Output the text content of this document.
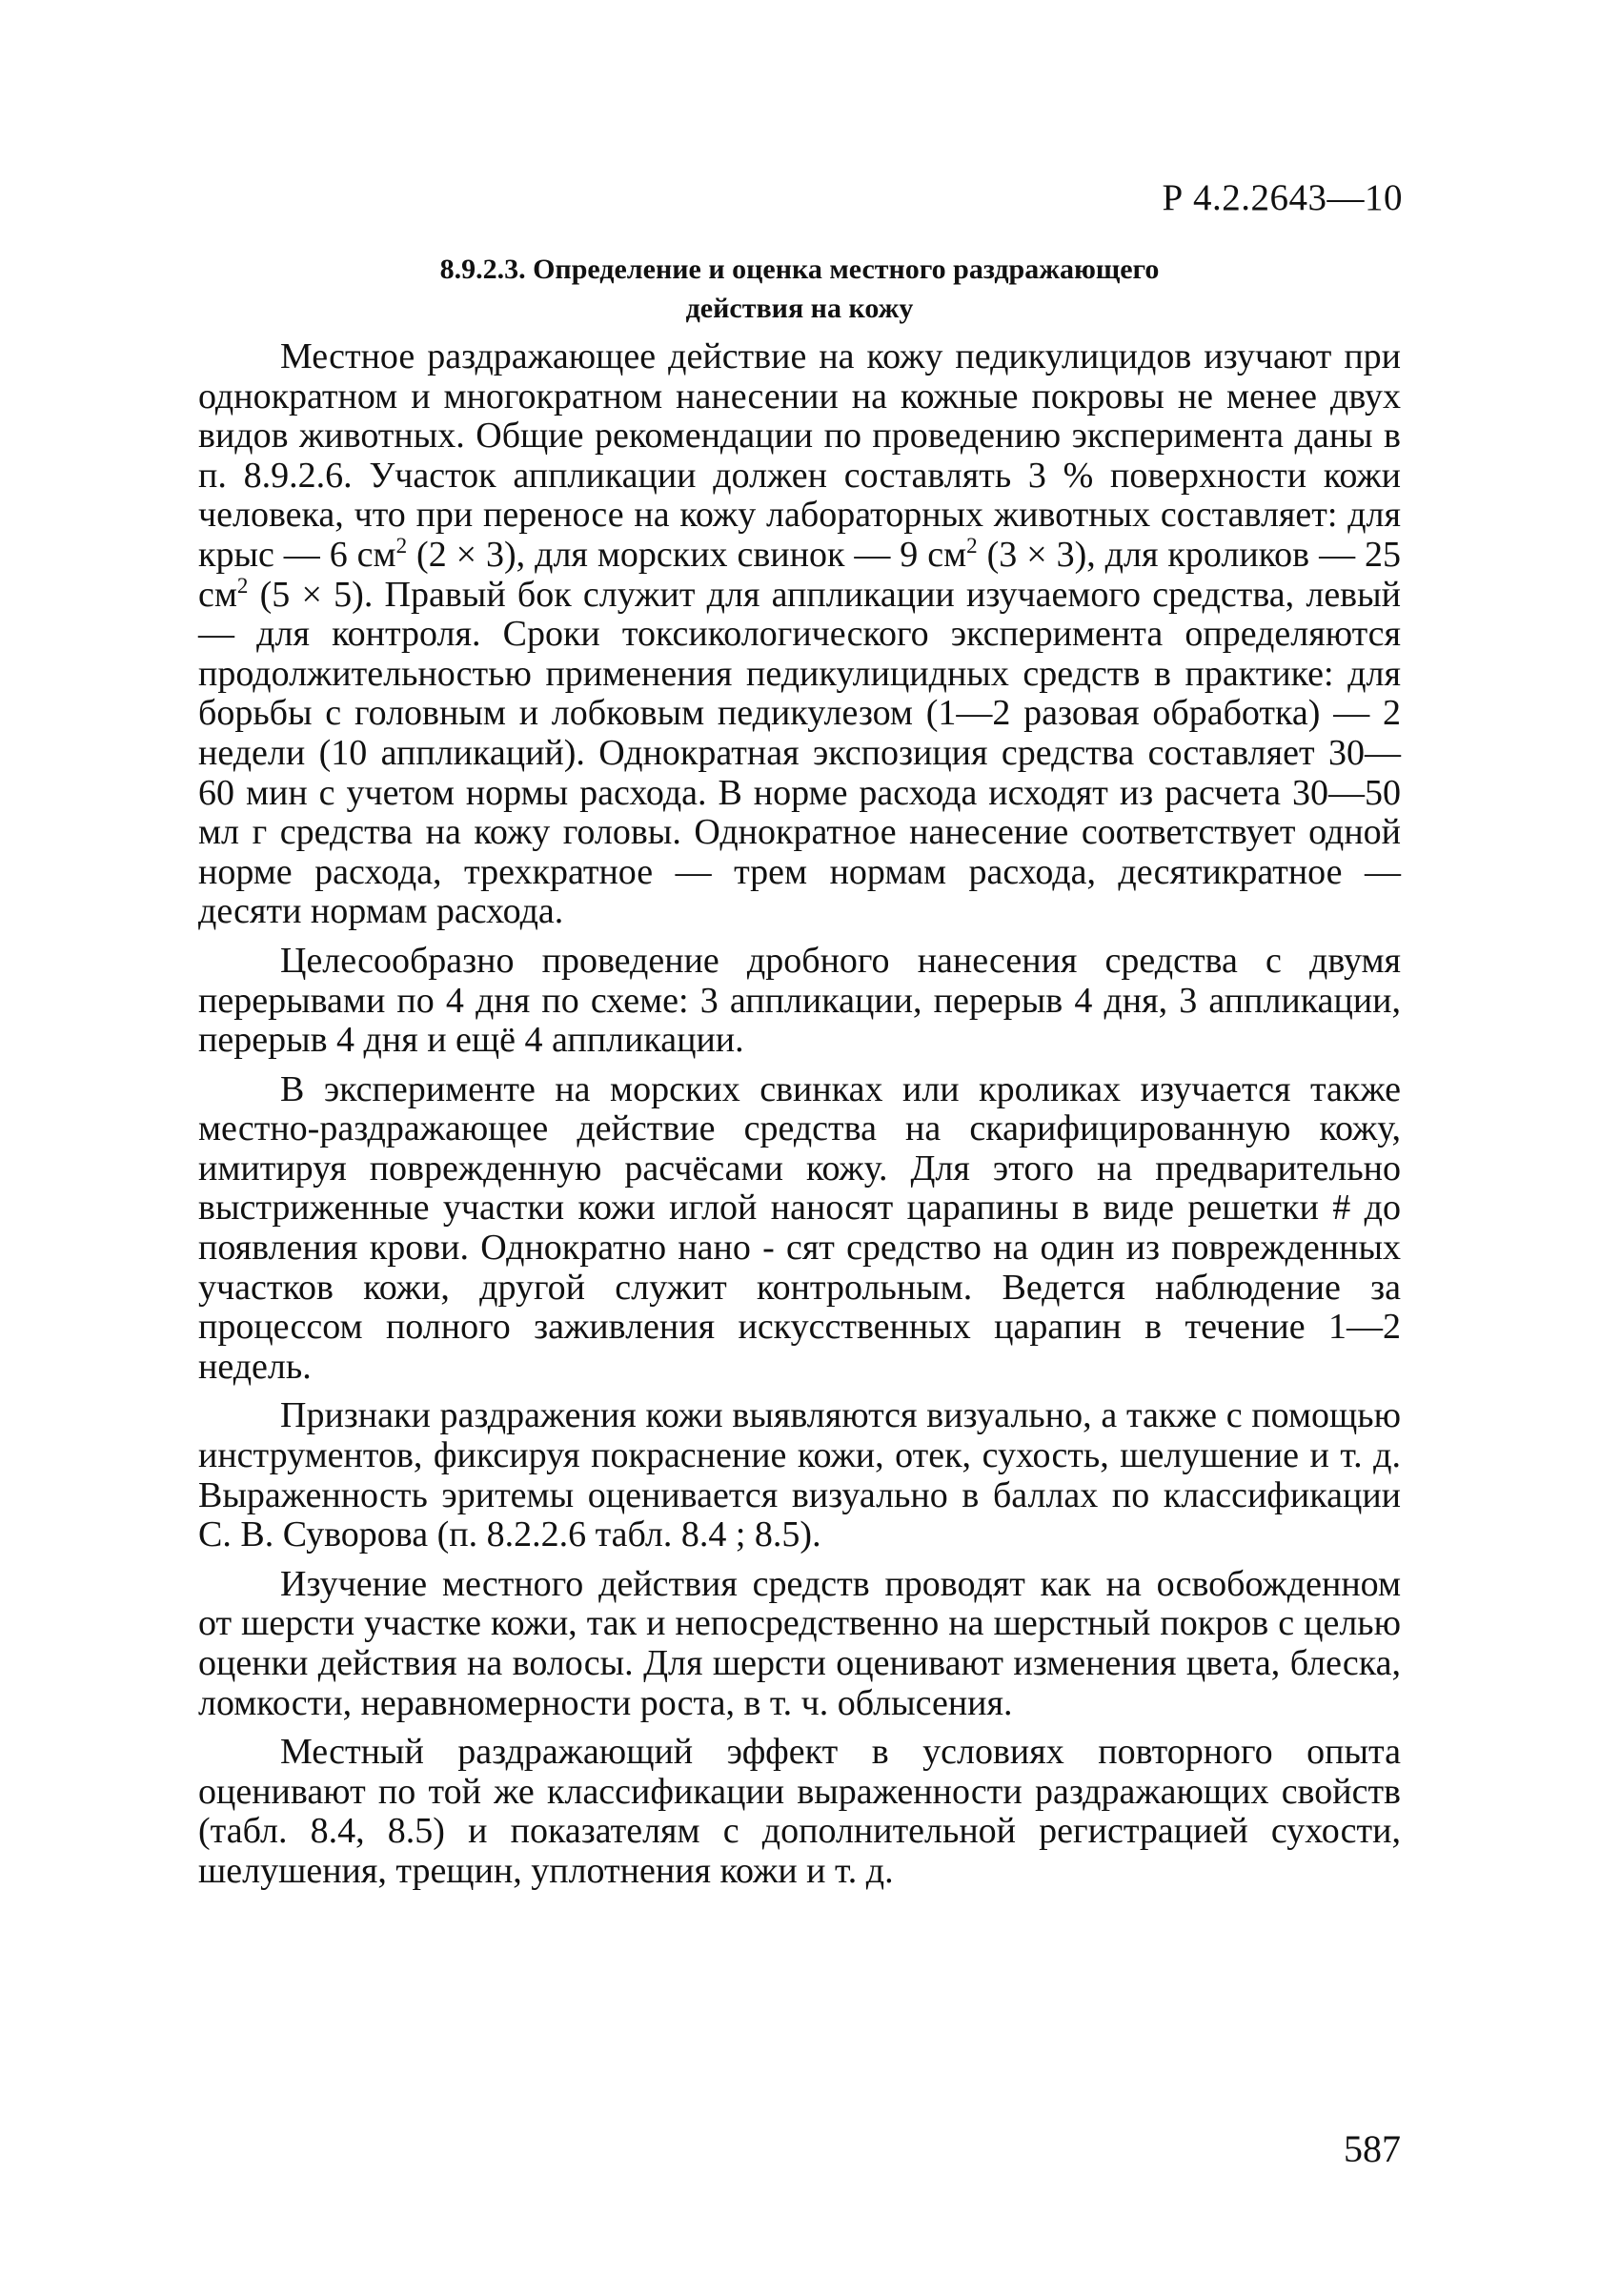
Р 4.2.2643—10
8.9.2.3. Определение и оценка местного раздражающего
действия на кожу

Местное раздражающее действие на кожу педикулицидов изучают при однократном и многократном нанесении на кожные покровы не менее двух видов животных. Общие рекомендации по проведению эксперимента даны в п. 8.9.2.6. Участок аппликации должен составлять 3 % поверхности кожи человека, что при переносе на кожу лабораторных животных составляет: для крыс — 6 $см^2$ (2 × 3), для морских свинок — 9 $см^2$ (3 × 3), для кроликов — 25 $см^2$ (5 × 5). Правый бок служит для аппликации изучаемого средства, левый — для контроля. Сроки токсикологического эксперимента определяются продолжительностью применения педикулицидных средств в практике: для борьбы с головным и лобковым педикулезом (1—2 разовая обработка) — 2 недели (10 аппликаций). Однократная экспозиция средства составляет 30—60 мин с учетом нормы расхода. В норме расхода исходят из расчета 30—50 мл г средства на кожу головы. Однократное нанесение соответствует одной норме расхода, трехкратное — трем нормам расхода, десятикратное — десяти нормам расхода.

Целесообразно проведение дробного нанесения средства с двумя перерывами по 4 дня по схеме: 3 аппликации, перерыв 4 дня, 3 аппликации, перерыв 4 дня и ещё 4 аппликации.

В эксперименте на морских свинках или кроликах изучается также местно-раздражающее действие средства на скарифицированную кожу, имитируя поврежденную расчёсами кожу. Для этого на предварительно выстриженные участки кожи иглой наносят царапины в виде решетки # до появления крови. Однократно нано - сят средство на один из поврежденных участков кожи, другой служит контрольным. Ведется наблюдение за процессом полного заживления искусственных царапин в течение 1—2 недель.

Признаки раздражения кожи выявляются визуально, а также с помощью инструментов, фиксируя покраснение кожи, отек, сухость, шелушение и т. д. Выраженность эритемы оценивается визуально в баллах по классификации С. В. Суворова (п. 8.2.2.6 табл. 8.4 ; 8.5).

Изучение местного действия средств проводят как на освобожденном от шерсти участке кожи, так и непосредственно на шерстный покров с целью оценки действия на волосы. Для шерсти оценивают изменения цвета, блеска, ломкости, неравномерности роста, в т. ч. облысения.

Местный раздражающий эффект в условиях повторного опыта оценивают по той же классификации выраженности раздражающих свойств (табл. 8.4, 8.5) и показателям с дополнительной регистрацией сухости, шелушения, трещин, уплотнения кожи и т. д.

587
